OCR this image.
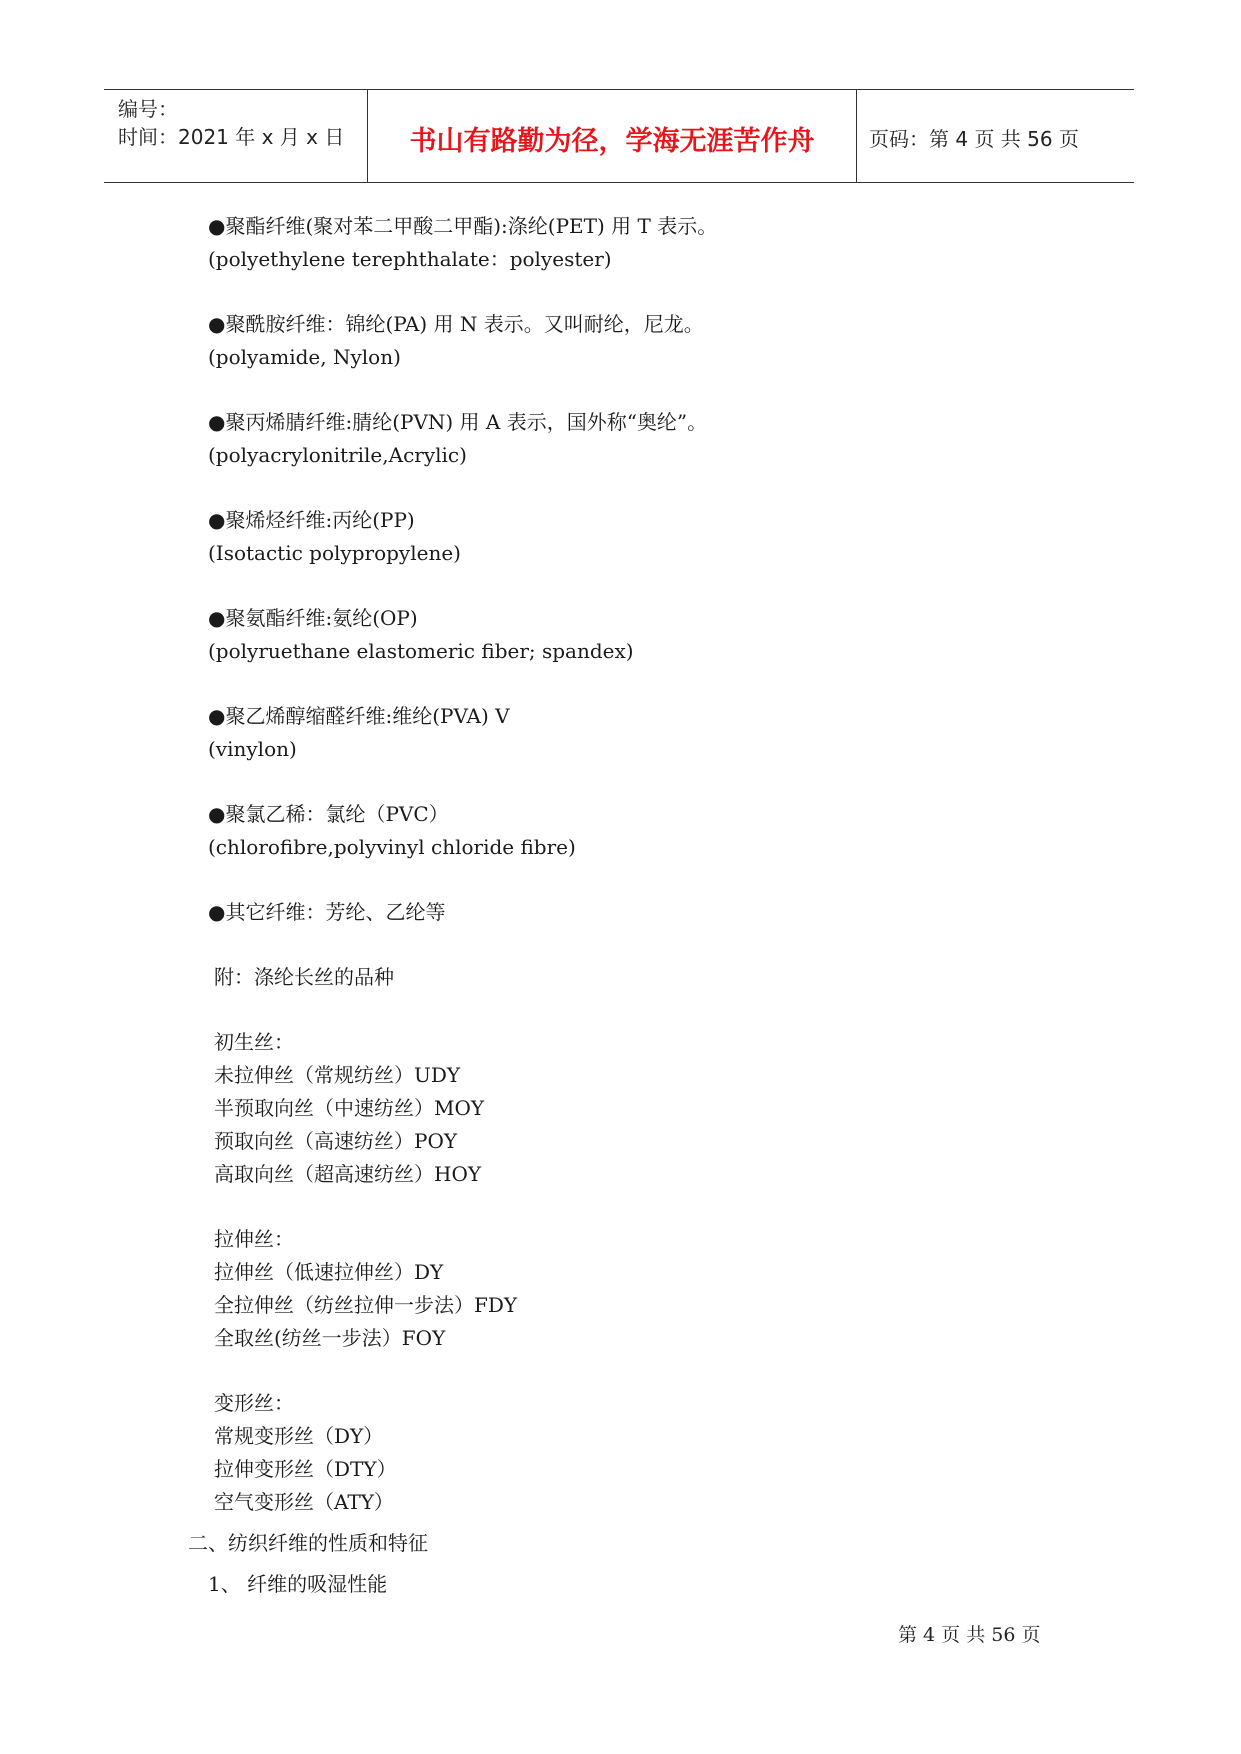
编号：
时间：2021 年 x 月 x 日	书山有路勤为径，学海无涯苦作舟	页码：第 4 页 共 56 页
●聚酯纤维(聚对苯二甲酸二甲酯):涤纶(PET) 用 T 表示。
(polyethylene terephthalate：polyester)
●聚酰胺纤维：锦纶(PA) 用 N 表示。又叫耐纶，尼龙。
(polyamide, Nylon)
●聚丙烯腈纤维:腈纶(PVN) 用 A 表示，国外称“奥纶”。
(polyacrylonitrile,Acrylic)
●聚烯烃纤维:丙纶(PP)
(Isotactic polypropylene)
●聚氨酯纤维:氨纶(OP)
(polyruethane elastomeric fiber; spandex)
●聚乙烯醇缩醛纤维:维纶(PVA) V
(vinylon)
●聚氯乙稀：氯纶（PVC）
(chlorofibre,polyvinyl chloride fibre)
●其它纤维：芳纶、乙纶等
附：涤纶长丝的品种
初生丝：
未拉伸丝（常规纺丝）UDY
半预取向丝（中速纺丝）MOY
预取向丝（高速纺丝）POY
高取向丝（超高速纺丝）HOY
拉伸丝：
拉伸丝（低速拉伸丝）DY
全拉伸丝（纺丝拉伸一步法）FDY
全取丝(纺丝一步法）FOY
变形丝：
常规变形丝（DY）
拉伸变形丝（DTY）
空气变形丝（ATY）
二、纺织纤维的性质和特征
1、 纤维的吸湿性能
第 4 页 共 56 页
